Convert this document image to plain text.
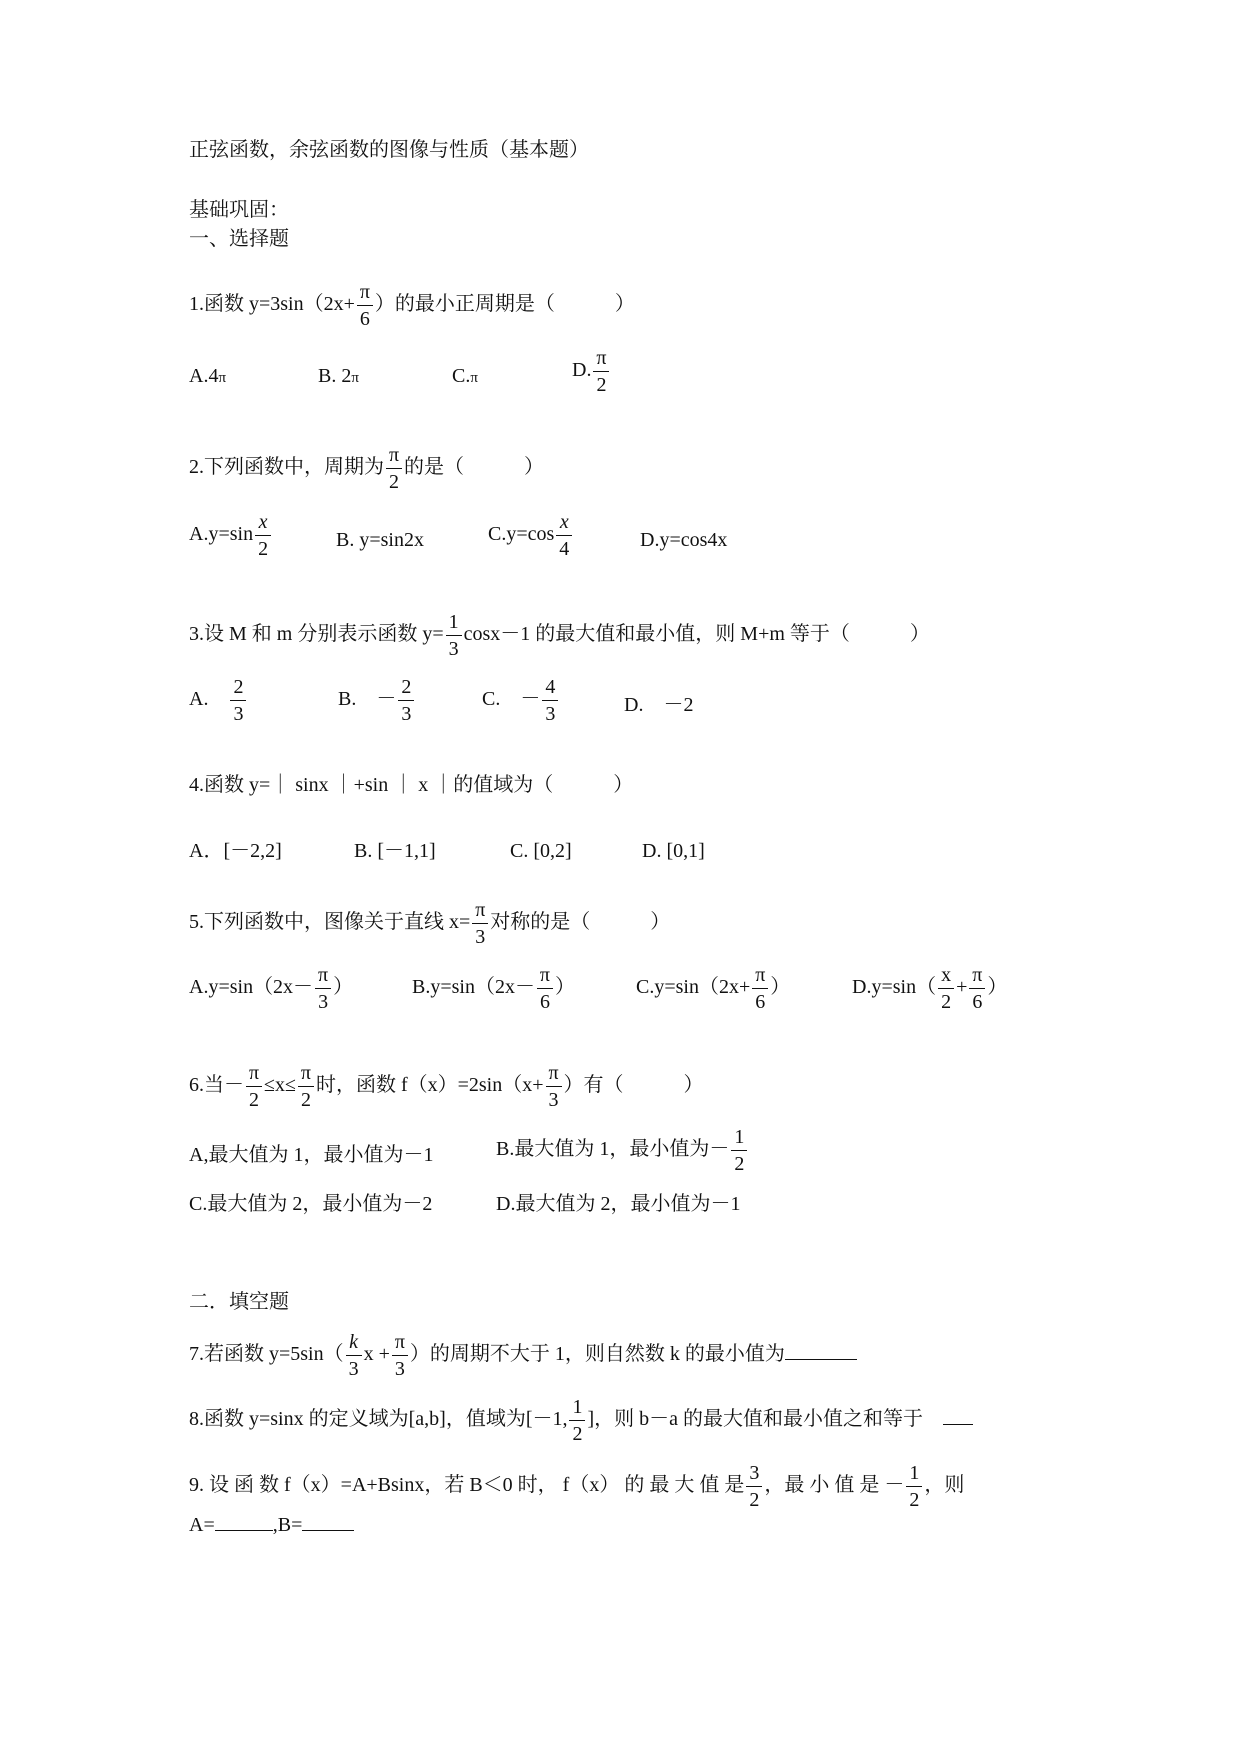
正弦函数，余弦函数的图像与性质（基本题）
基础巩固：
一、选择题
1.函数 $y=3\sin(2x+ \frac{\pi}{6}$ ）的最小正周期是（　　　）
A.4π	B. 2π	C.π	D. $\frac{\pi}{2}$
2.下列函数中，周期为 $\frac{\pi}{2}$ 的是（　　　）
$A.y=\sin \frac{x}{2}$	B. y=sin2x	$C.y=\cos \frac{x}{4}$	D.y=cos4x
3.设 M 和 m 分别表示函数 $y= \frac{1}{3} \cos x-1$ 的最大值和最小值，则 M+m 等于（　　　）
A.　 $\frac{2}{3}$	B.　－ $\frac{2}{3}$	C.　－ $\frac{4}{3}$	D.　－2
4.函数 y=｜ sinx ｜+sin ｜ x ｜的值域为（　　　）
A．[－2,2]	B. [－1,1]	C. [0,2]	D. [0,1]
5.下列函数中，图像关于直线 $x= \frac{\pi}{3}$ 对称的是（　　　）
$A.y=\sin(2x- \frac{\pi}{3}$ ）	$B.y=\sin(2x- \frac{\pi}{6}$ ）	$C.y=\sin(2x+ \frac{\pi}{6}$ ）	$D.y=\sin( \frac{x}{2} + \frac{\pi}{6}$ ）
6.当－ $\frac{\pi}{2} \le x\le \frac{\pi}{2}$ 时，函数 $f(x)=2\sin(x+ \frac{\pi}{3}$ ）有（　　　）
A,最大值为 1，最小值为－1	B.最大值为 1，最小值为－ $\frac{1}{2}$
C.最大值为 2，最小值为－2	D.最大值为 2，最小值为－1
二．填空题
7.若函数 $y=5\sin( \frac{k}{3}$ $x + \frac{\pi}{3}$ ）的周期不大于 1，则自然数 k 的最小值为
8.函数 y=sinx 的定义域为[a,b]，值域为[－1, $\frac{1}{2}$ ]，则 b－a 的最大值和最小值之和等于　
9. 设 函 数 f（x）=A+Bsinx，若 B＜0 时， f（x） 的 最 大 值 是 $\frac{3}{2}$ ，最 小 值 是 － $\frac{1}{2}$ ，则
A=	,B=
